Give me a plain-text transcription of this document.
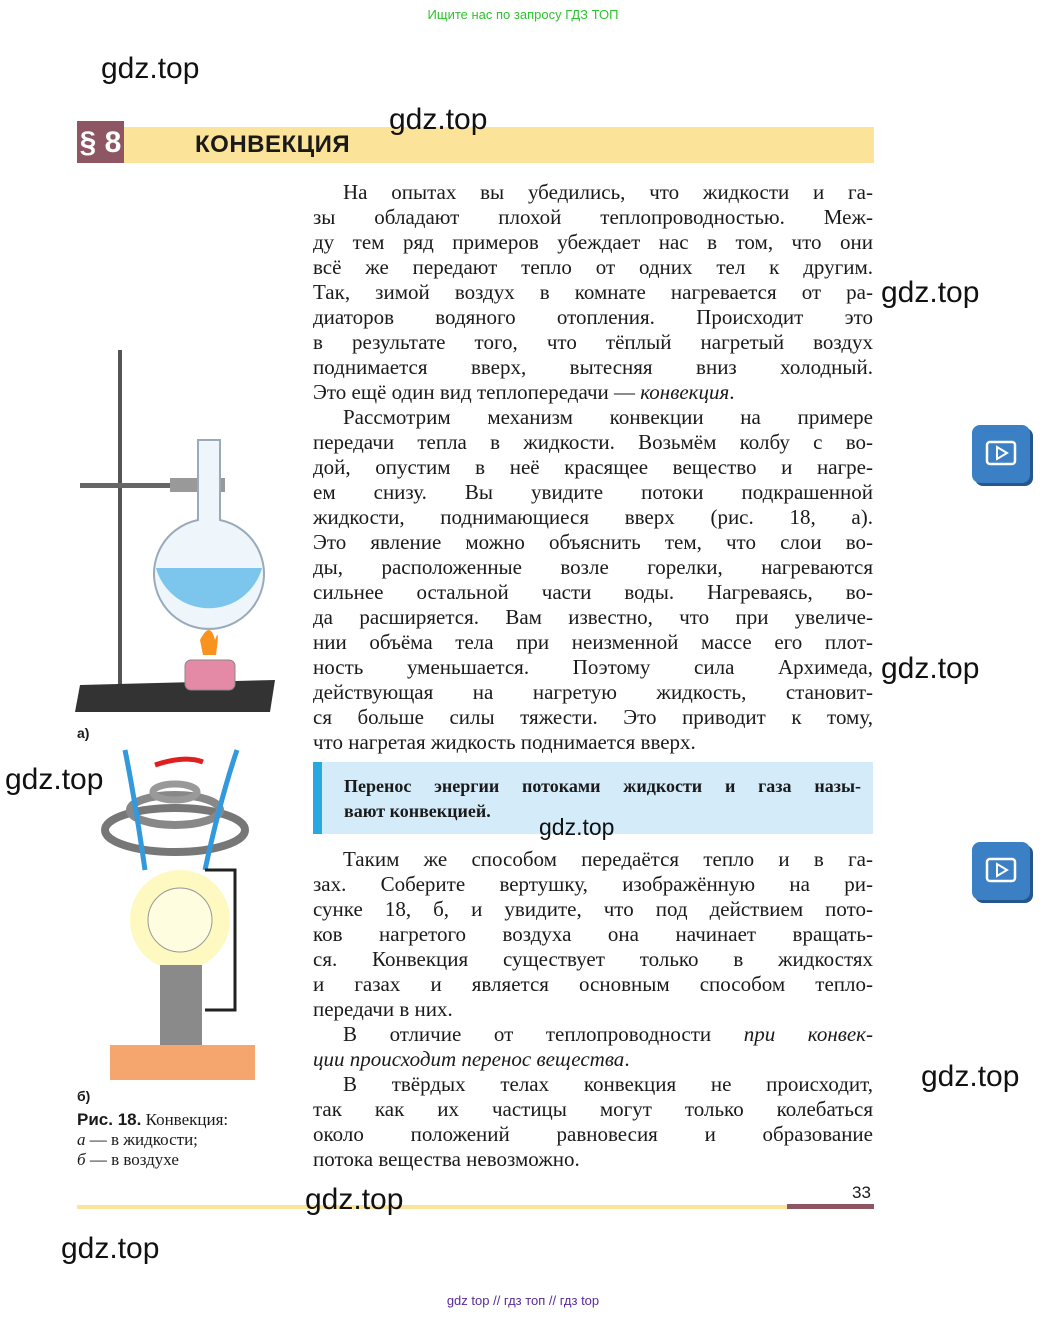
Ищите нас по запросу ГДЗ ТОП
§ 8	КОНВЕКЦИЯ
На опытах вы убедились, что жидкости и га-
зы обладают плохой теплопроводностью. Меж-
ду тем ряд примеров убеждает нас в том, что они
всё же передают тепло от одних тел к другим.
Так, зимой воздух в комнате нагревается от ра-
диаторов водяного отопления. Происходит это
в результате того, что тёплый нагретый воздух
поднимается вверх, вытесняя вниз холодный.
Это ещё один вид теплопередачи — конвекция.
Рассмотрим механизм конвекции на примере
передачи тепла в жидкости. Возьмём колбу с во-
дой, опустим в неё красящее вещество и нагре-
ем снизу. Вы увидите потоки подкрашенной
жидкости, поднимающиеся вверх (рис. 18, а).
Это явление можно объяснить тем, что слои во-
ды, расположенные возле горелки, нагреваются
сильнее остальной части воды. Нагреваясь, во-
да расширяется. Вам известно, что при увеличе-
нии объёма тела при неизменной массе его плот-
ность уменьшается. Поэтому сила Архимеда,
действующая на нагретую жидкость, становит-
ся больше силы тяжести. Это приводит к тому,
что нагретая жидкость поднимается вверх.
Перенос энергии потоками жидкости и газа назы-
вают конвекцией.
Таким же способом передаётся тепло и в га-
зах. Соберите вертушку, изображённую на ри-
сунке 18, б, и увидите, что под действием пото-
ков нагретого воздуха она начинает вращать-
ся. Конвекция существует только в жидкостях
и газах и является основным способом тепло-
передачи в них.
В отличие от теплопроводности при конвек-
ции происходит перенос вещества.
В твёрдых телах конвекция не происходит,
так как их частицы могут только колебаться
около положений равновесия и образование
потока вещества невозможно.
а)
б)
Рис. 18. Конвекция:
а — в жидкости;
б — в воздухе
33
gdz.top
gdz.top
gdz.top
gdz.top
gdz.top
gdz.top
gdz.top
gdz.top
gdz.top
gdz top // гдз топ // гдз top
